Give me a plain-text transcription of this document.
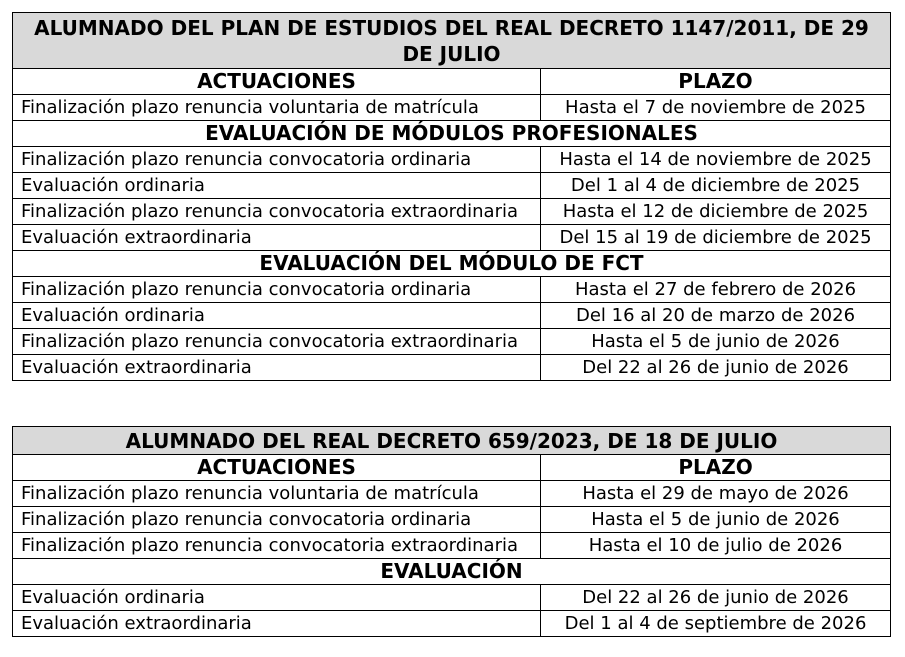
ALUMNADO DEL PLAN DE ESTUDIOS DEL REAL DECRETO 1147/2011, DE 29 DE JULIO	
ACTUACIONES	PLAZO
Finalización plazo renuncia voluntaria de matrícula	Hasta el 7 de noviembre de 2025
EVALUACIÓN DE MÓDULOS PROFESIONALES	
Finalización plazo renuncia convocatoria ordinaria	Hasta el 14 de noviembre de 2025
Evaluación ordinaria	Del 1 al 4 de diciembre de 2025
Finalización plazo renuncia convocatoria extraordinaria	Hasta el 12 de diciembre de 2025
Evaluación extraordinaria	Del 15 al 19 de diciembre de 2025
EVALUACIÓN DEL MÓDULO DE FCT	
Finalización plazo renuncia convocatoria ordinaria	Hasta el 27 de febrero de 2026
Evaluación ordinaria	Del 16 al 20 de marzo de 2026
Finalización plazo renuncia convocatoria extraordinaria	Hasta el 5 de junio de 2026
Evaluación extraordinaria	Del 22 al 26 de junio de 2026
ALUMNADO DEL REAL DECRETO 659/2023, DE 18 DE JULIO	
ACTUACIONES	PLAZO
Finalización plazo renuncia voluntaria de matrícula	Hasta el 29 de mayo de 2026
Finalización plazo renuncia convocatoria ordinaria	Hasta el 5 de junio de 2026
Finalización plazo renuncia convocatoria extraordinaria	Hasta el 10 de julio de 2026
EVALUACIÓN	
Evaluación ordinaria	Del 22 al 26 de junio de 2026
Evaluación extraordinaria	Del 1 al 4 de septiembre de 2026
